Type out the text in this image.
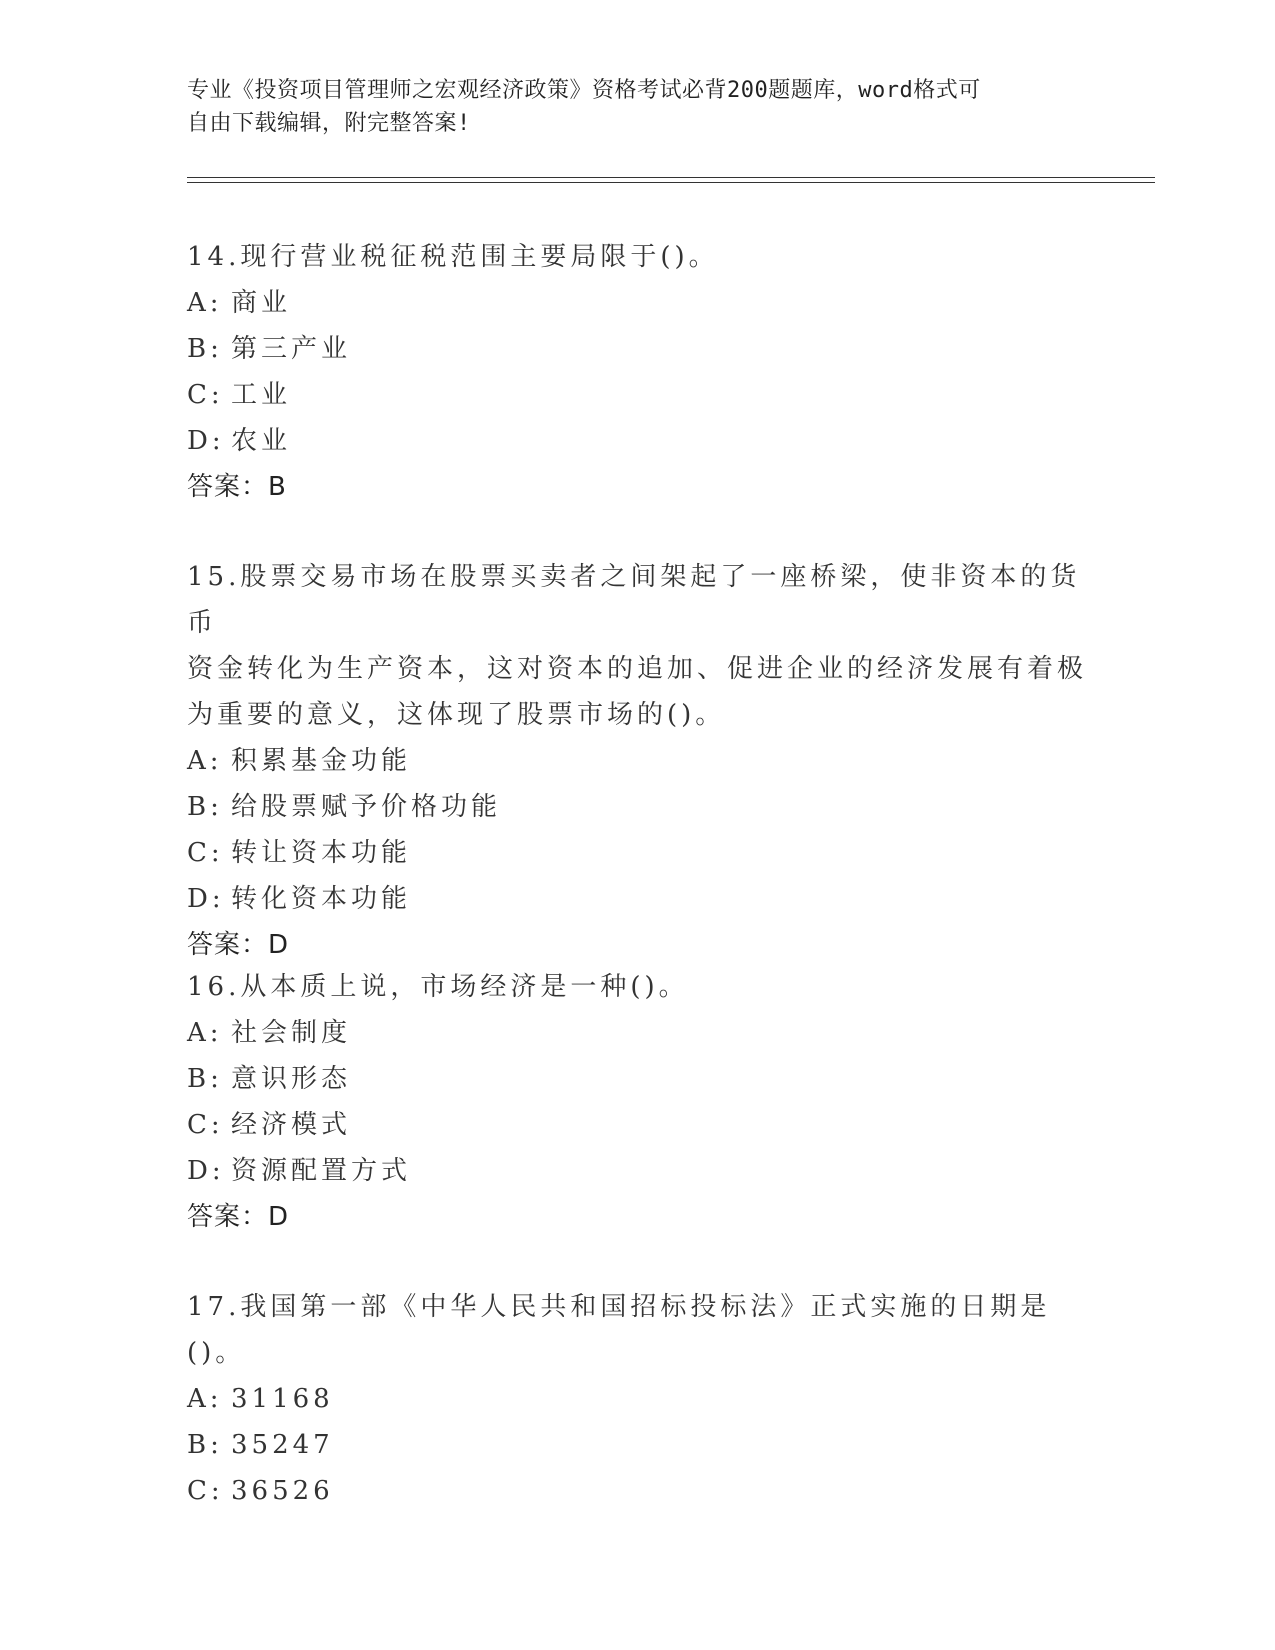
专业《投资项目管理师之宏观经济政策》资格考试必背200题题库，word格式可
自由下载编辑，附完整答案!

14.现行营业税征税范围主要局限于()。

A: 商业

B: 第三产业

C: 工业

D: 农业

答案：B

15.股票交易市场在股票买卖者之间架起了一座桥梁，使非资本的货币

资金转化为生产资本，这对资本的追加、促进企业的经济发展有着极

为重要的意义，这体现了股票市场的()。

A: 积累基金功能

B: 给股票赋予价格功能

C: 转让资本功能

D: 转化资本功能

答案：D

16.从本质上说，市场经济是一种()。

A: 社会制度

B: 意识形态

C: 经济模式

D: 资源配置方式

答案：D

17.我国第一部《中华人民共和国招标投标法》正式实施的日期是()。

A: 31168

B: 35247

C: 36526
